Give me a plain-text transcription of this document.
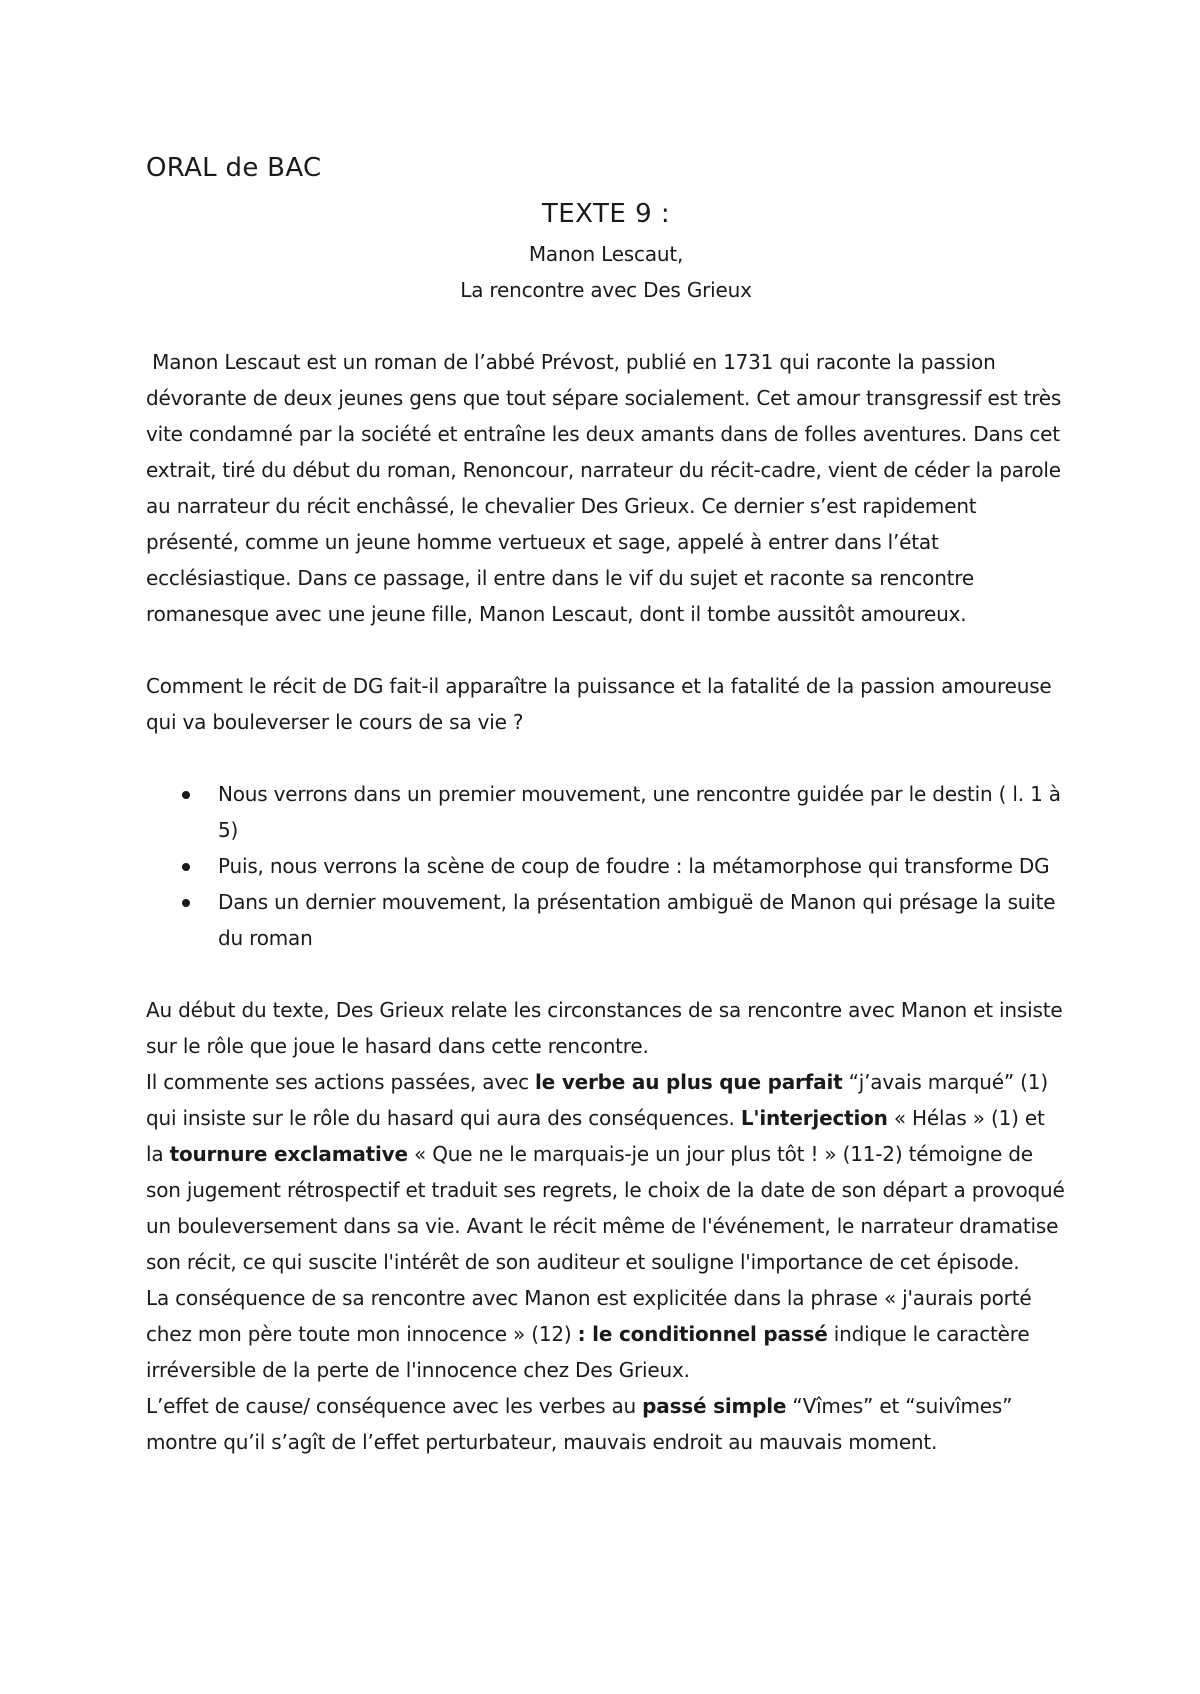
ORAL de BAC
TEXTE 9 :

Manon Lescaut,

La rencontre avec Des Grieux

Manon Lescaut est un roman de l’abbé Prévost, publié en 1731 qui raconte la passion dévorante de deux jeunes gens que tout sépare socialement. Cet amour transgressif est très vite condamné par la société et entraîne les deux amants dans de folles aventures. Dans cet extrait, tiré du début du roman, Renoncour, narrateur du récit-cadre, vient de céder la parole au narrateur du récit enchâssé, le chevalier Des Grieux. Ce dernier s’est rapidement présenté, comme un jeune homme vertueux et sage, appelé à entrer dans l’état ecclésiastique. Dans ce passage, il entre dans le vif du sujet et raconte sa rencontre romanesque avec une jeune fille, Manon Lescaut, dont il tombe aussitôt amoureux.

Comment le récit de DG fait-il apparaître la puissance et la fatalité de la passion amoureuse qui va bouleverser le cours de sa vie ?

Nous verrons dans un premier mouvement, une rencontre guidée par le destin ( l. 1 à 5)
Puis, nous verrons la scène de coup de foudre : la métamorphose qui transforme DG
Dans un dernier mouvement, la présentation ambiguë de Manon qui présage la suite du roman

Au début du texte, Des Grieux relate les circonstances de sa rencontre avec Manon et insiste sur le rôle que joue le hasard dans cette rencontre.

Il commente ses actions passées, avec le verbe au plus que parfait “j’avais marqué” (1) qui insiste sur le rôle du hasard qui aura des conséquences. L'interjection « Hélas » (1) et la tournure exclamative « Que ne le marquais-je un jour plus tôt ! » (11-2) témoigne de son jugement rétrospectif et traduit ses regrets, le choix de la date de son départ a provoqué un bouleversement dans sa vie. Avant le récit même de l'événement, le narrateur dramatise son récit, ce qui suscite l'intérêt de son auditeur et souligne l'importance de cet épisode.

La conséquence de sa rencontre avec Manon est explicitée dans la phrase « j'aurais porté chez mon père toute mon innocence » (12) : le conditionnel passé indique le caractère irréversible de la perte de l'innocence chez Des Grieux.

L’effet de cause/ conséquence avec les verbes au passé simple “Vîmes” et “suivîmes” montre qu’il s’agît de l’effet perturbateur, mauvais endroit au mauvais moment.
